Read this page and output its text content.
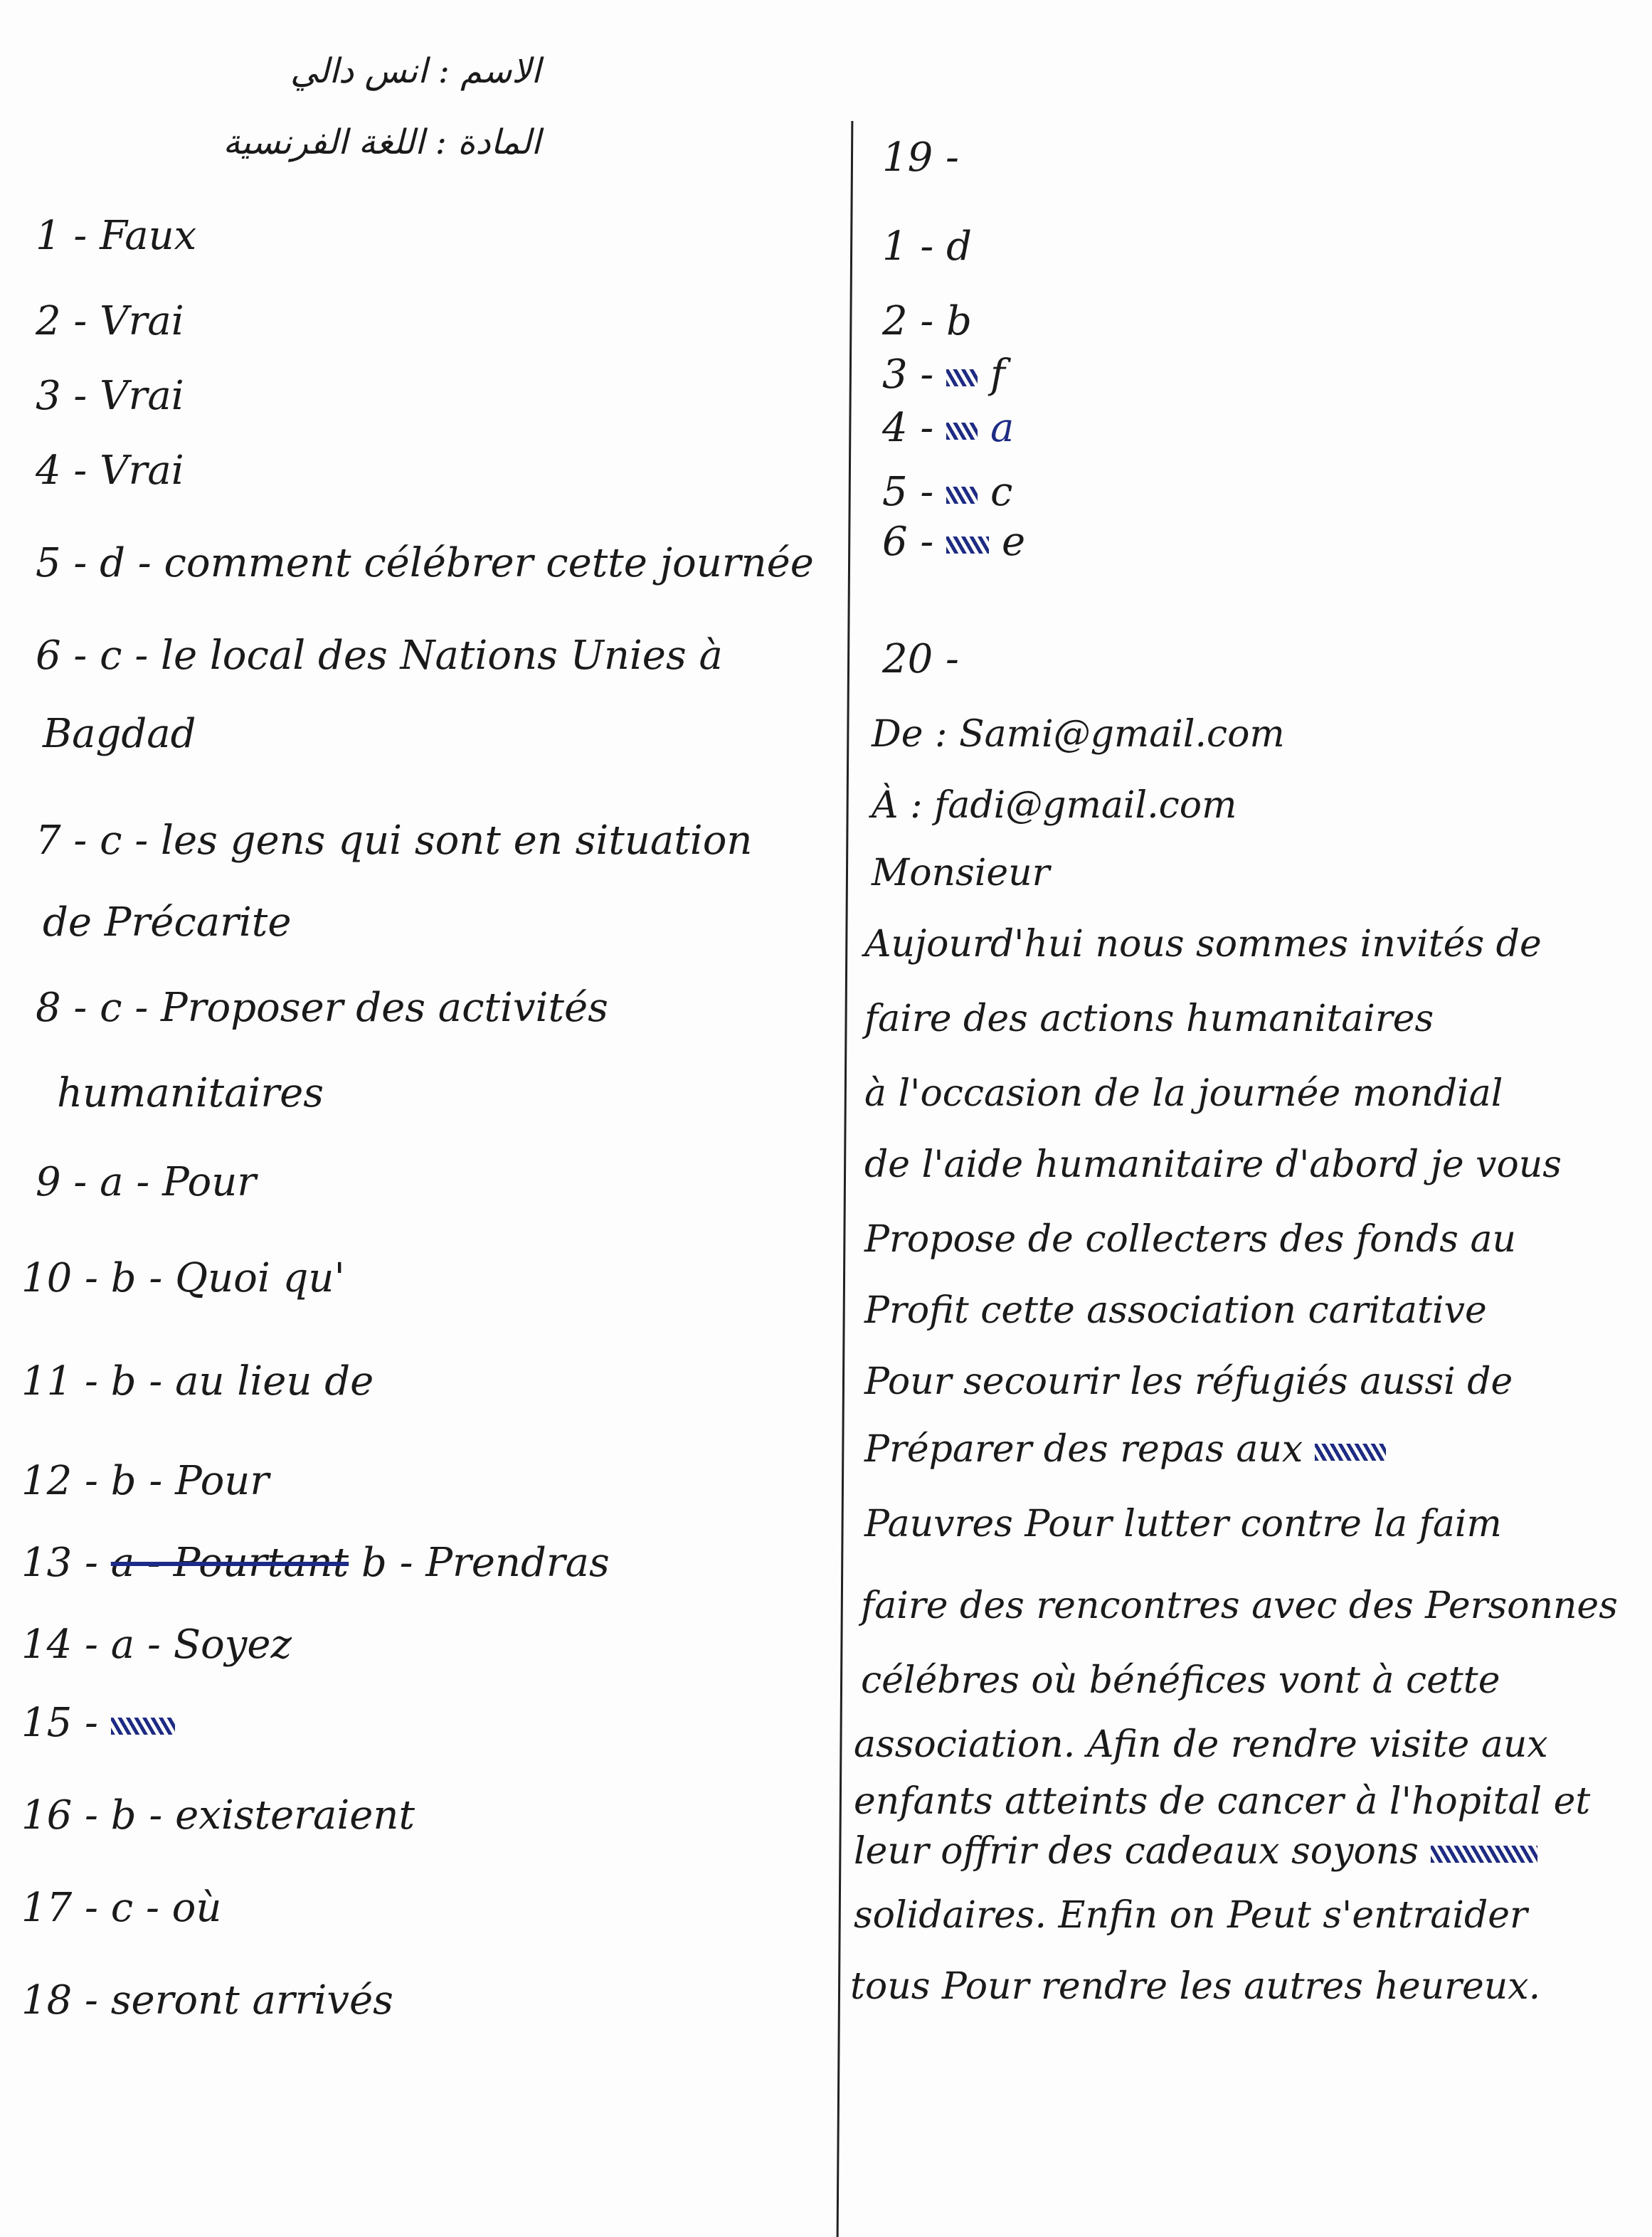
الاسم : انس دالي
المادة : اللغة الفرنسية
1 - Faux
2 - Vrai
3 - Vrai
4 - Vrai
5 - d - comment célébrer cette journée
6 - c - le local des Nations Unies à
Bagdad
7 - c - les gens qui sont en situation
de Précarite
8 - c - Proposer des activités
humanitaires
9 - a - Pour
10 - b - Quoi qu'
11 - b - au lieu de
12 - b - Pour
13 - a - Pourtant b - Prendras
14 - a - Soyez
15 -
16 - b - existeraient
17 - c - où
18 - seront arrivés
19 -
1 - d
2 - b
3 - f
4 - a
5 - c
6 - e
20 -
De : Sami@gmail.com
À : fadi@gmail.com
Monsieur
Aujourd'hui nous sommes invités de
faire des actions humanitaires
à l'occasion de la journée mondial
de l'aide humanitaire d'abord je vous
Propose de collecters des fonds au
Profit cette association caritative
Pour secourir les réfugiés aussi de
Préparer des repas aux
Pauvres Pour lutter contre la faim
faire des rencontres avec des Personnes
célébres où bénéfices vont à cette
association. Afin de rendre visite aux
enfants atteints de cancer à l'hopital et
leur offrir des cadeaux soyons
solidaires. Enfin on Peut s'entraider
tous Pour rendre les autres heureux.
